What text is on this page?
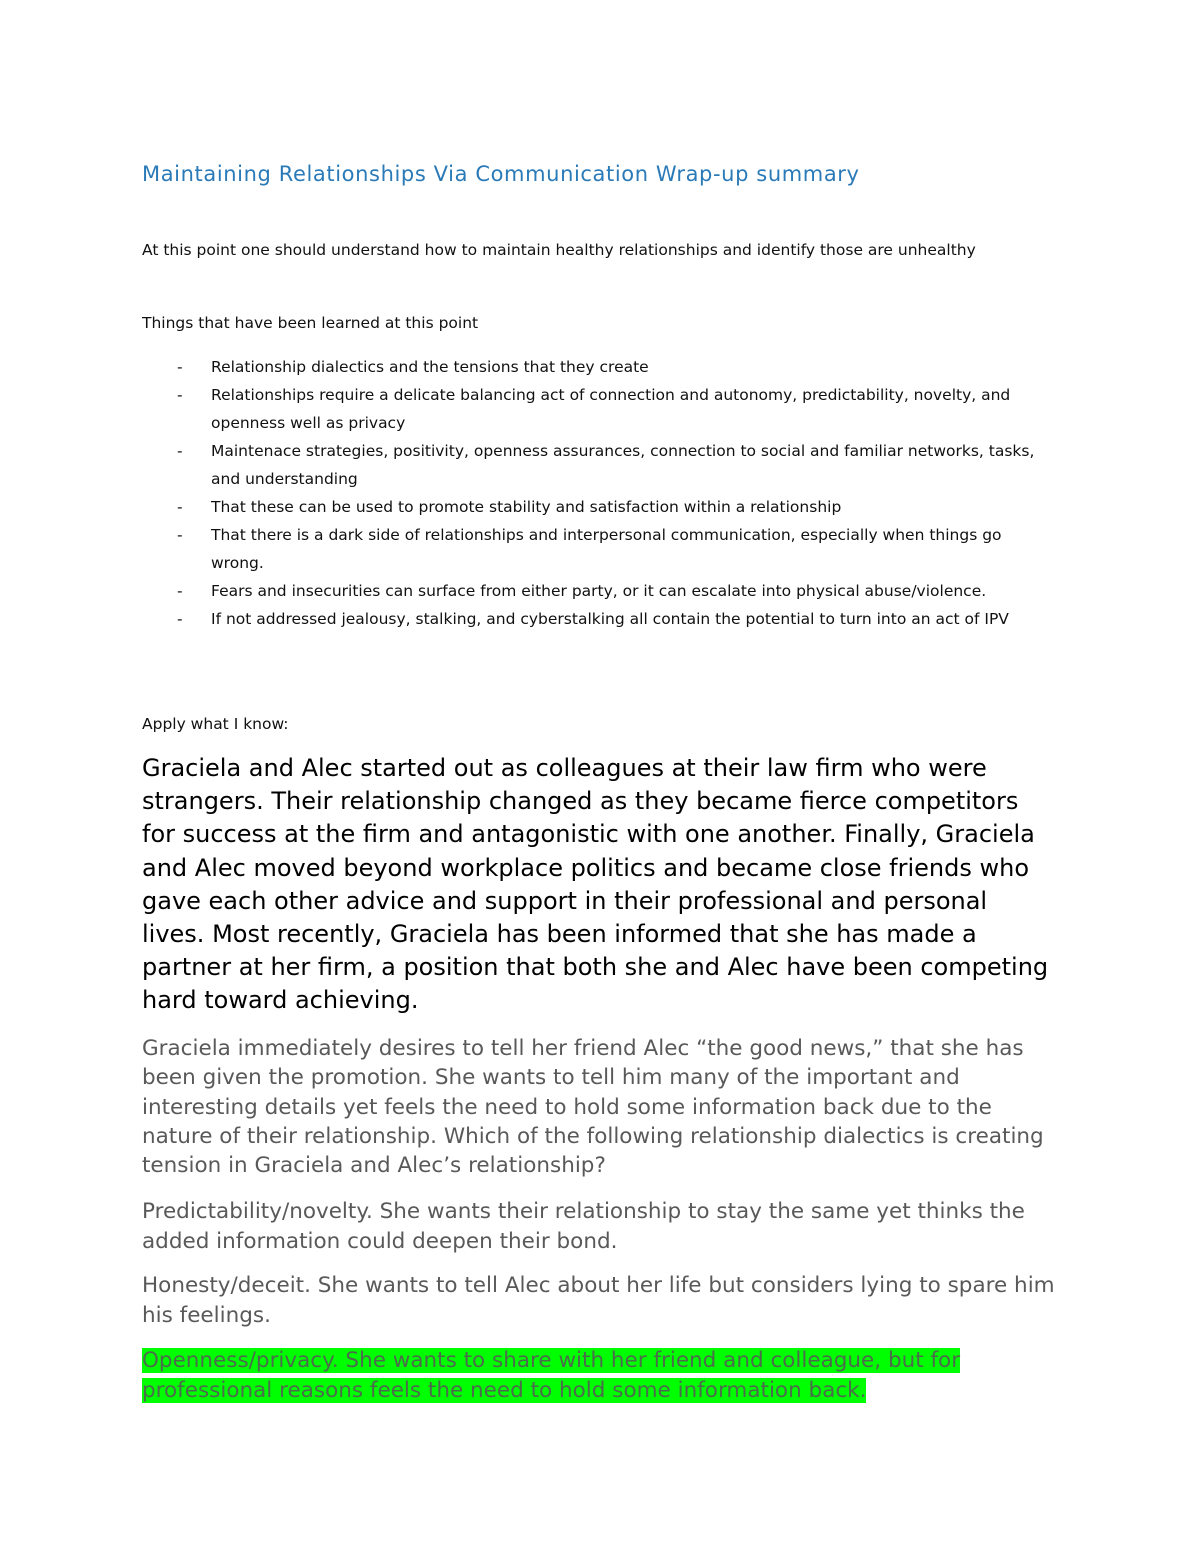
Maintaining Relationships Via Communication Wrap-up summary

At this point one should understand how to maintain healthy relationships and identify those are unhealthy

Things that have been learned at this point

- Relationship dialectics and the tensions that they create
- Relationships require a delicate balancing act of connection and autonomy, predictability, novelty, and openness well as privacy
- Maintenace strategies, positivity, openness assurances, connection to social and familiar networks, tasks, and understanding
- That these can be used to promote stability and satisfaction within a relationship
- That there is a dark side of relationships and interpersonal communication, especially when things go wrong.
- Fears and insecurities can surface from either party, or it can escalate into physical abuse/violence.
- If not addressed jealousy, stalking, and cyberstalking all contain the potential to turn into an act of IPV

Apply what I know:

Graciela and Alec started out as colleagues at their law firm who were strangers. Their relationship changed as they became fierce competitors for success at the firm and antagonistic with one another. Finally, Graciela and Alec moved beyond workplace politics and became close friends who gave each other advice and support in their professional and personal lives. Most recently, Graciela has been informed that she has made a partner at her firm, a position that both she and Alec have been competing hard toward achieving.

Graciela immediately desires to tell her friend Alec “the good news,” that she has been given the promotion. She wants to tell him many of the important and interesting details yet feels the need to hold some information back due to the nature of their relationship. Which of the following relationship dialectics is creating tension in Graciela and Alec’s relationship?

Predictability/novelty. She wants their relationship to stay the same yet thinks the added information could deepen their bond.

Honesty/deceit. She wants to tell Alec about her life but considers lying to spare him his feelings.

Openness/privacy. She wants to share with her friend and colleague, but for professional reasons feels the need to hold some information back.
